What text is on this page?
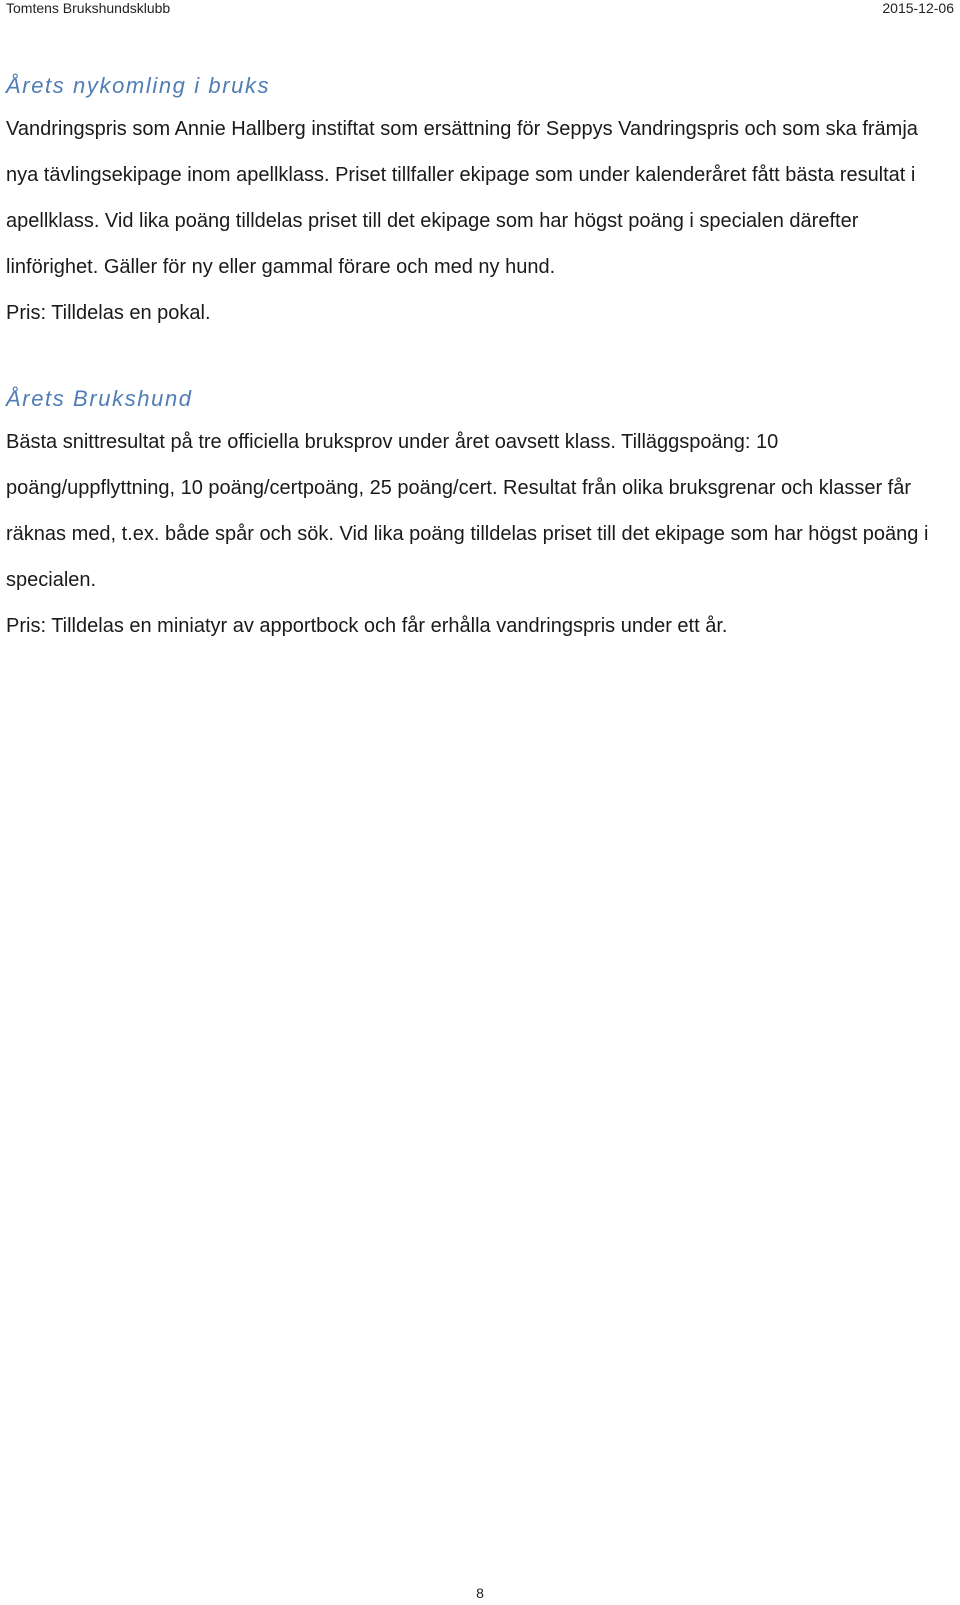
Tomtens Brukshundsklubb	2015-12-06
Årets nykomling i bruks

Vandringspris som Annie Hallberg instiftat som ersättning för Seppys Vandringspris och som ska främja nya tävlingsekipage inom apellklass. Priset tillfaller ekipage som under kalenderåret fått bästa resultat i apellklass. Vid lika poäng tilldelas priset till det ekipage som har högst poäng i specialen därefter linförighet. Gäller för ny eller gammal förare och med ny hund.

Pris: Tilldelas en pokal.

Årets Brukshund

Bästa snittresultat på tre officiella bruksprov under året oavsett klass. Tilläggspoäng: 10 poäng/uppflyttning, 10 poäng/certpoäng, 25 poäng/cert. Resultat från olika bruksgrenar och klasser får räknas med, t.ex. både spår och sök. Vid lika poäng tilldelas priset till det ekipage som har högst poäng i specialen.

Pris: Tilldelas en miniatyr av apportbock och får erhålla vandringspris under ett år.

8
